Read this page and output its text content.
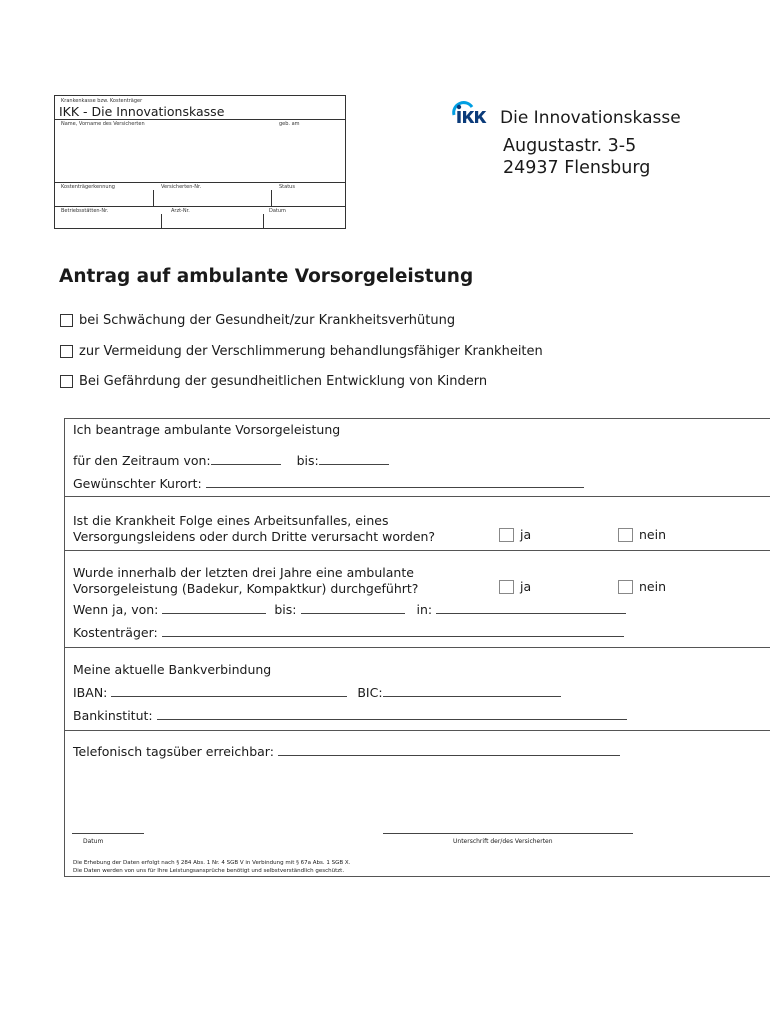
Krankenkasse bzw. Kostenträger
IKK - Die Innovationskasse
Name, Vorname des Versicherten	geb. am
Kostenträgerkennung	Versicherten-Nr.	Status
Betriebsstätten-Nr.	Arzt-Nr.	Datum
Die Innovationskasse
Augustastr. 3-5
24937 Flensburg
Antrag auf ambulante Vorsorgeleistung
bei Schwächung der Gesundheit/zur Krankheitsverhütung
zur Vermeidung der Verschlimmerung behandlungsfähiger Krankheiten
Bei Gefährdung der gesundheitlichen Entwicklung von Kindern
Ich beantrage ambulante Vorsorgeleistung
für den Zeitraum von:	bis:
Gewünschter Kurort:
Ist die Krankheit Folge eines Arbeitsunfalles, eines
Versorgungsleidens oder durch Dritte verursacht worden?	ja	nein
Wurde innerhalb der letzten drei Jahre eine ambulante
Vorsorgeleistung (Badekur, Kompaktkur) durchgeführt?	ja	nein
Wenn ja, von:	bis:	in:
Kostenträger:
Meine aktuelle Bankverbindung
IBAN:	BIC:
Bankinstitut:
Telefonisch tagsüber erreichbar:
Datum	Unterschrift der/des Versicherten
Die Erhebung der Daten erfolgt nach § 284 Abs. 1 Nr. 4 SGB V in Verbindung mit § 67a Abs. 1 SGB X.
Die Daten werden von uns für Ihre Leistungsansprüche benötigt und selbstverständlich geschützt.
